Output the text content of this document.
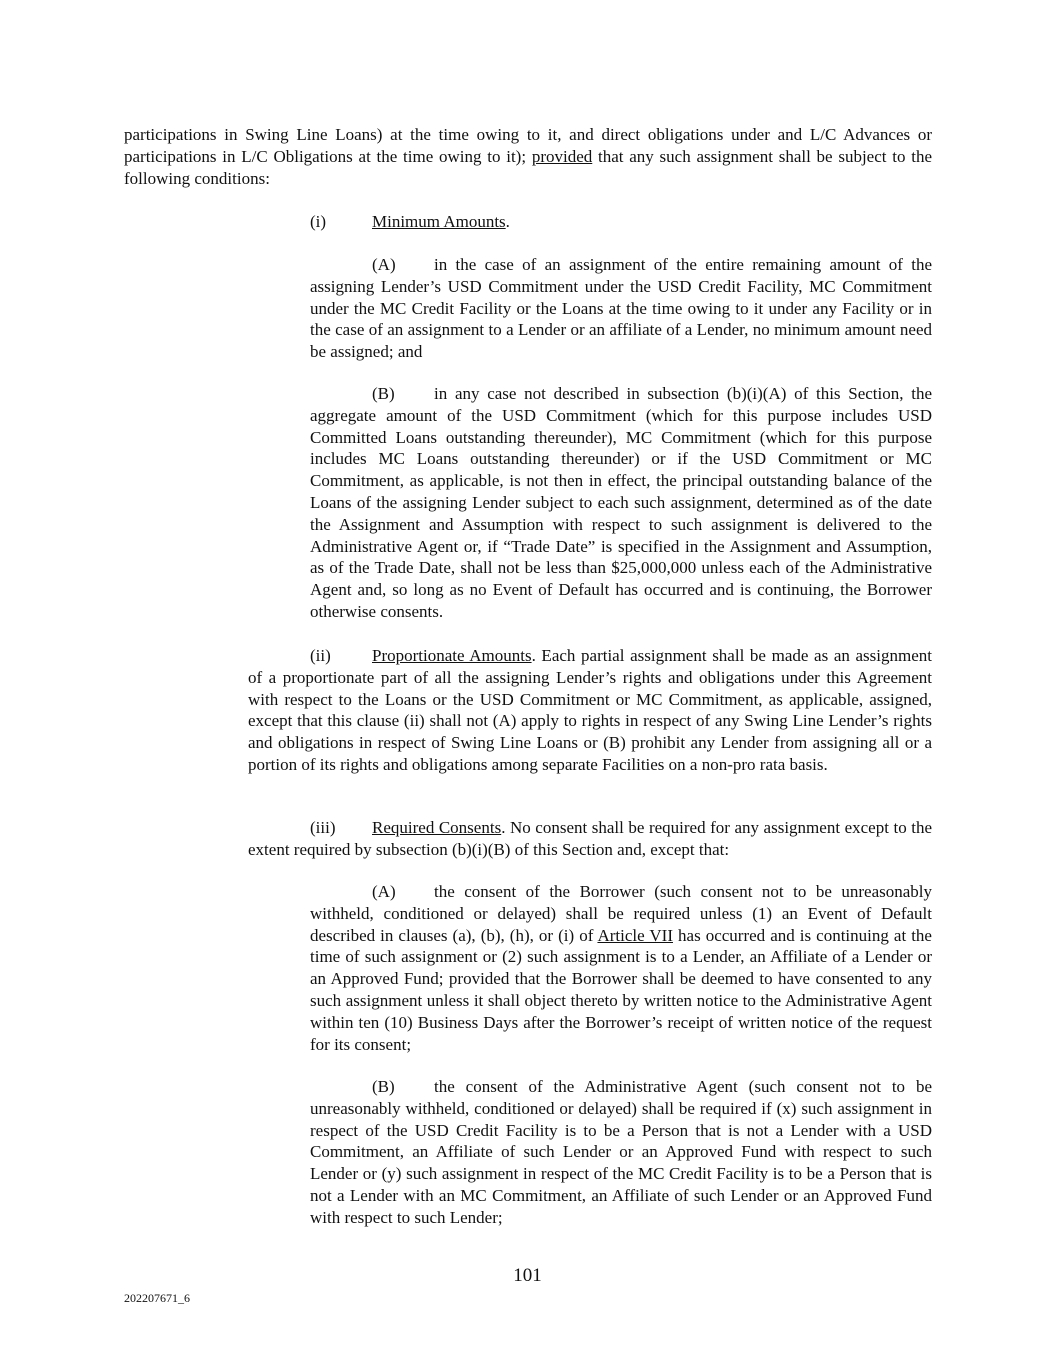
participations in Swing Line Loans) at the time owing to it, and direct obligations under and L/C Advances or participations in L/C Obligations at the time owing to it); provided that any such assignment shall be subject to the following conditions:

(i)	Minimum Amounts.

(A) in the case of an assignment of the entire remaining amount of the assigning Lender’s USD Commitment under the USD Credit Facility, MC Commitment under the MC Credit Facility or the Loans at the time owing to it under any Facility or in the case of an assignment to a Lender or an affiliate of a Lender, no minimum amount need be assigned; and

(B) in any case not described in subsection (b)(i)(A) of this Section, the aggregate amount of the USD Commitment (which for this purpose includes USD Committed Loans outstanding thereunder), MC Commitment (which for this purpose includes MC Loans outstanding thereunder) or if the USD Commitment or MC Commitment, as applicable, is not then in effect, the principal outstanding balance of the Loans of the assigning Lender subject to each such assignment, determined as of the date the Assignment and Assumption with respect to such assignment is delivered to the Administrative Agent or, if “Trade Date” is specified in the Assignment and Assumption, as of the Trade Date, shall not be less than $25,000,000 unless each of the Administrative Agent and, so long as no Event of Default has occurred and is continuing, the Borrower otherwise consents.

(ii) Proportionate Amounts. Each partial assignment shall be made as an assignment of a proportionate part of all the assigning Lender’s rights and obligations under this Agreement with respect to the Loans or the USD Commitment or MC Commitment, as applicable, assigned, except that this clause (ii) shall not (A) apply to rights in respect of any Swing Line Lender’s rights and obligations in respect of Swing Line Loans or (B) prohibit any Lender from assigning all or a portion of its rights and obligations among separate Facilities on a non-pro rata basis.

(iii) Required Consents. No consent shall be required for any assignment except to the extent required by subsection (b)(i)(B) of this Section and, except that:

(A) the consent of the Borrower (such consent not to be unreasonably withheld, conditioned or delayed) shall be required unless (1) an Event of Default described in clauses (a), (b), (h), or (i) of Article VII has occurred and is continuing at the time of such assignment or (2) such assignment is to a Lender, an Affiliate of a Lender or an Approved Fund; provided that the Borrower shall be deemed to have consented to any such assignment unless it shall object thereto by written notice to the Administrative Agent within ten (10) Business Days after the Borrower’s receipt of written notice of the request for its consent;

(B) the consent of the Administrative Agent (such consent not to be unreasonably withheld, conditioned or delayed) shall be required if (x) such assignment in respect of the USD Credit Facility is to be a Person that is not a Lender with a USD Commitment, an Affiliate of such Lender or an Approved Fund with respect to such Lender or (y) such assignment in respect of the MC Credit Facility is to be a Person that is not a Lender with an MC Commitment, an Affiliate of such Lender or an Approved Fund with respect to such Lender;

101
202207671_6
